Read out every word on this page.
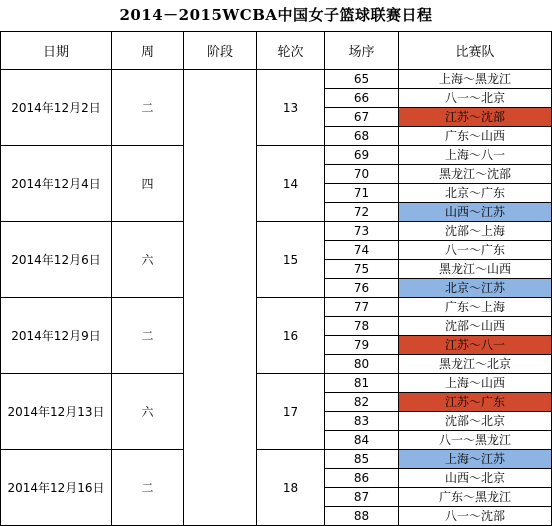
2014－2015WCBA中国女子篮球联赛日程
日期	周	阶段	轮次	场序	比赛队
2014年12月2日	二		13	65	上海～黑龙江
				66	八一～北京
				67	江苏～沈部
				68	广东～山西
2014年12月4日	四		14	69	上海～八一
				70	黑龙江～沈部
				71	北京～广东
				72	山西～江苏
2014年12月6日	六		15	73	沈部～上海
				74	八一～广东
				75	黑龙江～山西
				76	北京～江苏
2014年12月9日	二		16	77	广东～上海
				78	沈部～山西
				79	江苏～八一
				80	黑龙江～北京
2014年12月13日	六		17	81	上海～山西
				82	江苏～广东
				83	沈部～北京
				84	八一～黑龙江
2014年12月16日	二		18	85	上海～江苏
				86	山西～北京
				87	广东～黑龙江
				88	八一～沈部
